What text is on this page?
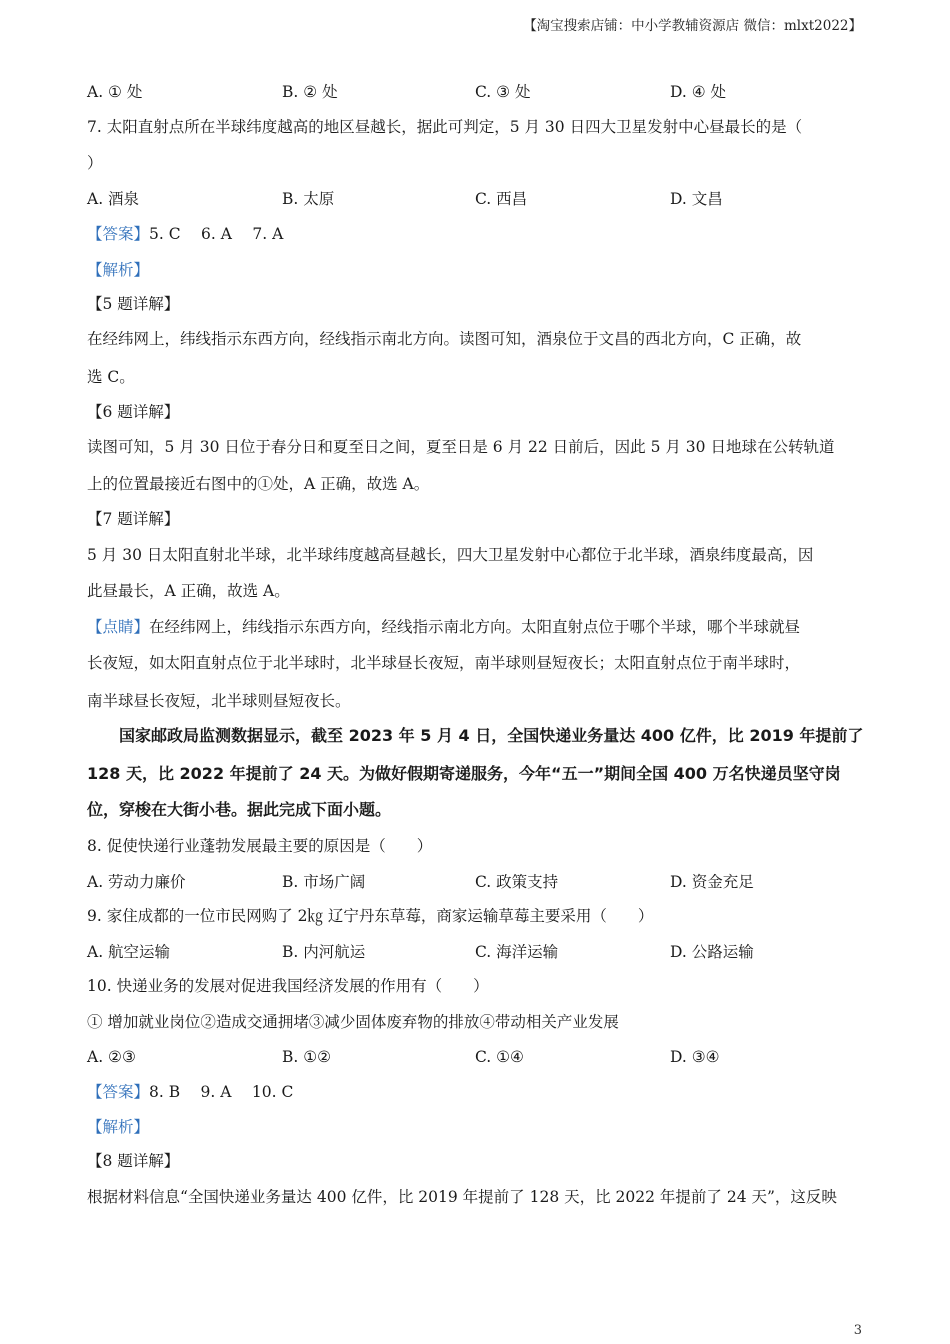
【淘宝搜索店铺：中小学教辅资源店 微信：mlxt2022】
A. ① 处	B. ② 处	C. ③ 处	D. ④ 处
7. 太阳直射点所在半球纬度越高的地区昼越长，据此可判定，5 月 30 日四大卫星发射中心昼最长的是（
）
A. 酒泉	B. 太原	C. 西昌	D. 文昌
【答案】5. C　 6. A　 7. A
【解析】
【5 题详解】
在经纬网上，纬线指示东西方向，经线指示南北方向。读图可知，酒泉位于文昌的西北方向，C 正确，故
选 C。
【6 题详解】
读图可知，5 月 30 日位于春分日和夏至日之间，夏至日是 6 月 22 日前后，因此 5 月 30 日地球在公转轨道
上的位置最接近右图中的①处，A 正确，故选 A。
【7 题详解】
5 月 30 日太阳直射北半球，北半球纬度越高昼越长，四大卫星发射中心都位于北半球，酒泉纬度最高，因
此昼最长，A 正确，故选 A。
【点睛】在经纬网上，纬线指示东西方向，经线指示南北方向。太阳直射点位于哪个半球，哪个半球就昼
长夜短，如太阳直射点位于北半球时，北半球昼长夜短，南半球则昼短夜长；太阳直射点位于南半球时，
南半球昼长夜短，北半球则昼短夜长。
　　国家邮政局监测数据显示，截至 2023 年 5 月 4 日，全国快递业务量达 400 亿件，比 2019 年提前了
128 天，比 2022 年提前了 24 天。为做好假期寄递服务，今年“五一”期间全国 400 万名快递员坚守岗
位，穿梭在大街小巷。据此完成下面小题。
8. 促使快递行业蓬勃发展最主要的原因是（　　）
A. 劳动力廉价	B. 市场广阔	C. 政策支持	D. 资金充足
9. 家住成都的一位市民网购了 2㎏ 辽宁丹东草莓，商家运输草莓主要采用（　　）
A. 航空运输	B. 内河航运	C. 海洋运输	D. 公路运输
10. 快递业务的发展对促进我国经济发展的作用有（　　）
① 增加就业岗位②造成交通拥堵③减少固体废弃物的排放④带动相关产业发展
A. ②③	B. ①②	C. ①④	D. ③④
【答案】8. B　 9. A　 10. C
【解析】
【8 题详解】
根据材料信息“全国快递业务量达 400 亿件，比 2019 年提前了 128 天，比 2022 年提前了 24 天”，这反映
3
